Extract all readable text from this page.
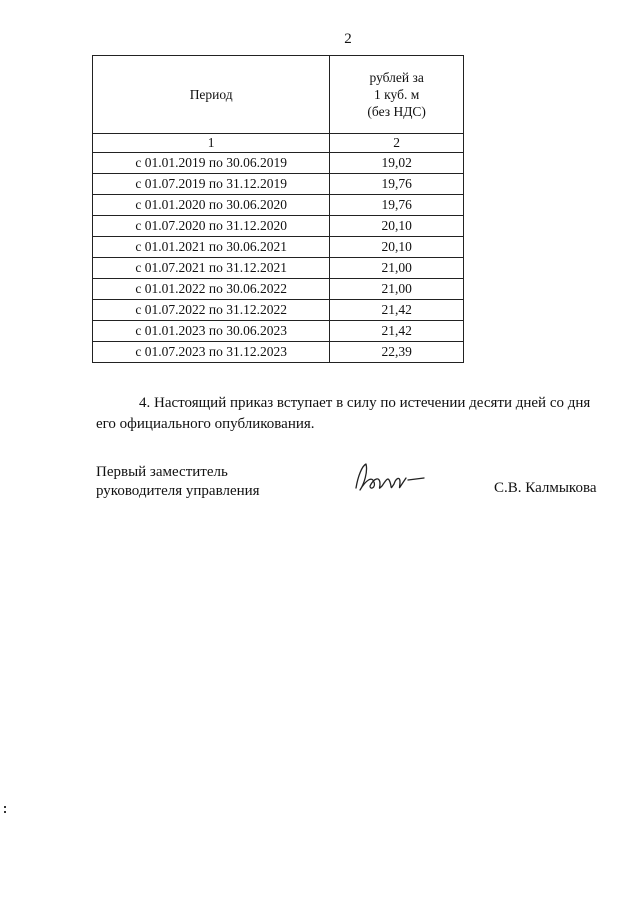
2
Период	рублей за
1 куб. м
(без НДС)
1	2
с 01.01.2019 по 30.06.2019	19,02
с 01.07.2019 по 31.12.2019	19,76
с 01.01.2020 по 30.06.2020	19,76
с 01.07.2020 по 31.12.2020	20,10
с 01.01.2021 по 30.06.2021	20,10
с 01.07.2021 по 31.12.2021	21,00
с 01.01.2022 по 30.06.2022	21,00
с 01.07.2022 по 31.12.2022	21,42
с 01.01.2023 по 30.06.2023	21,42
с 01.07.2023 по 31.12.2023	22,39
4. Настоящий приказ вступает в силу по истечении десяти дней со дня его официального опубликования.
Первый заместитель
руководителя управления	С.В. Калмыкова
